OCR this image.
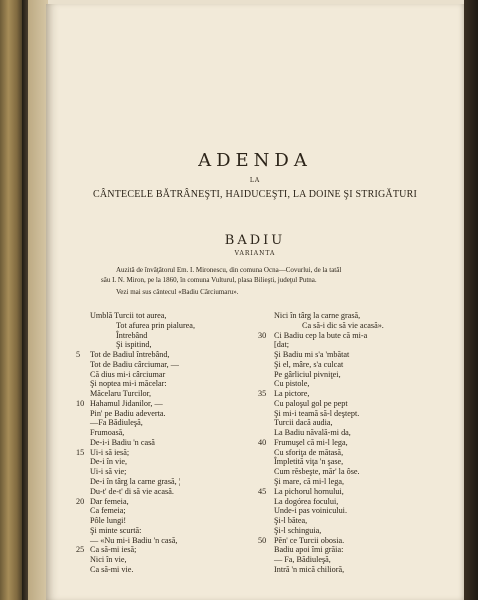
ADENDA
LA
CÂNTECELE BĂTRÂNEŞTI, HAIDUCEŞTI, LA DOINE ŞI STRIGĂTURI
BADIU
VARIANTA
Auzită de învăţătorul Em. I. Mironescu, din comuna Ocna—Covurlui, de la tatăl
său I. N. Miron, pe la 1860, în comuna Vulturul, plasa Bilieşti, judeţul Putna.
Vezi mai sus cântecul «Badiu Cârciumaru».
Umblă Turcii tot aurea,
Tot afurea prin pialurea,
Întrebând
Şi ispitind,
5	Tot de Badiul întrebând,
Tot de Badiu cârciumar, —
Că dius mi-i cârciumar
Şi noptea mi-i măcelar:
Măcelaru Turcilor,
10 Hahamul Jidanilor, —
Pin' pe Badiu adeverta.
—Fa Bădiuleşă,
Frumoasă,
De-i-i Badiu 'n casă
15 Ui-i să iesă;
De-i în vie,
Ui-i să vie;
De-i în târg la carne grasă, ¦
Du-t' de-t' di să vie acasă.
20 Dar femeia,
Ca femeia;
Pôle lungi!
Şi minte scurtă:
— «Nu mi-i Badiu 'n casă,
25 Ca să-mi iesă;
Nici în vie,
Ca să-mi vie.
Nici în târg la carne grasă,
Ca să-i dic să vie acasă».
30 Ci Badiu cep la bute că mi-a
[dat;
Şi Badiu mi s'a 'mbătat
Şi el, mâre, s'a culcat
Pe gârliciul pivniţei,
Cu pistole,
35 La pictore,
Cu paloşul gol pe pept
Şi mi-i teamă să-l deştept.
Turcii dacă audia,
La Badiu năvală-mi da,
40 Frumuşel că mi-l lega,
Cu sforiţa de mătasă,
Împletită viţa 'n şase,
Cum rĕsbeşte, măr' la ôse.
Şi mare, că mi-l lega,
45 La pichorul hornului,
La dogórea focului,
Unde-i pas voinicului.
Şi-l bătea,
Şi-l schinguia,
50 Pĕn' ce Turcii obosia.
Badiu apoi îmi grăia:
— Fa, Bădiuleşă,
Intră 'n mică chilioră,
